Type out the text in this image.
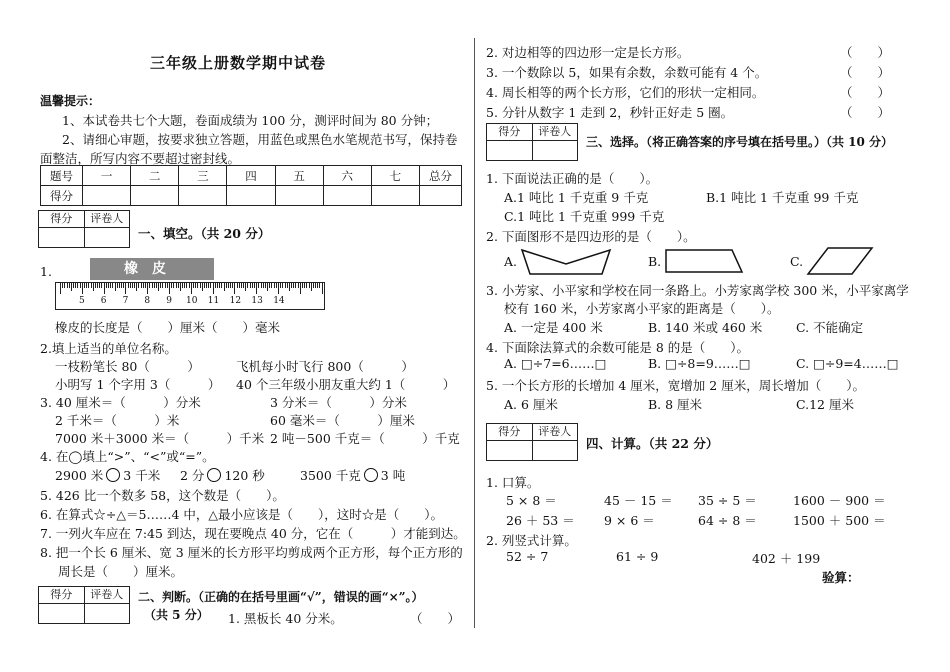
三年级上册数学期中试卷
温馨提示：
1、本试卷共七个大题，卷面成绩为 100 分，测评时间为 80 分钟；
2、请细心审题，按要求独立答题，用蓝色或黑色水笔规范书写，保持卷
面整洁，所写内容不要超过密封线。
题号	一	二	三	四	五	六	七	总分
得分								
得分	评卷人
一、填空。（共 20 分）
1.	橡皮
5 6 7 8 9 10 11 12 13 14
橡皮的长度是（　　）厘米（　　）毫米
2.填上适当的单位名称。
一枝粉笔长 80（　　　）	飞机每小时飞行 800（　　　）
小明写 1 个字用 3（　　　） 40 个三年级小朋友重大约 1（　　　）
3. 40 厘米＝（　　　）分米	3 分米＝（　　　）分米
2 千米＝（　　　）米	60 毫米＝（　　　）厘米
7000 米＋3000 米＝（　　　）千米 2 吨－500 千克＝（　　　）千克
4. 在◯填上“>”、“<”或“=”。
2900 米 3 千米 2 分 120 秒	3500 千克 3 吨
5. 426 比一个数多 58，这个数是（　　）。
6. 在算式☆÷△＝5……4 中，△最小应该是（　　），这时☆是（　　）。
7. 一列火车应在 7:45 到达，现在要晚点 40 分，它在（　　　）才能到达。
8. 把一个长 6 厘米、宽 3 厘米的长方形平均剪成两个正方形，每个正方形的
周长是（　　）厘米。
得分	评卷人	二、判断。（正确的在括号里画“√”，错误的画“×”。）
（共 5 分） 1. 黑板长 40 分米。	（　　）
2. 对边相等的四边形一定是长方形。	（　　）
3. 一个数除以 5，如果有余数，余数可能有 4 个。	（　　）
4. 周长相等的两个长方形，它们的形状一定相同。	（　　）
5. 分针从数字 1 走到 2，秒针正好走 5 圈。	（　　）
得分	评卷人
三、选择。（将正确答案的序号填在括号里。）（共 10 分）
1. 下面说法正确的是（　　）。
A.1 吨比 1 千克重 9 千克	B.1 吨比 1 千克重 99 千克
C.1 吨比 1 千克重 999 千克
2. 下面图形不是四边形的是（　　）。
A.	B.	C.
3. 小芳家、小平家和学校在同一条路上。小芳家离学校 300 米，小平家离学
校有 160 米，小芳家离小平家的距离是（　　）。
A. 一定是 400 米	B. 140 米或 460 米	C. 不能确定
4. 下面除法算式的余数可能是 8 的是（　　）。
A. □÷7=6……□	B. □÷8=9……□	C. □÷9=4……□
5. 一个长方形的长增加 4 厘米，宽增加 2 厘米，周长增加（　　）。
A. 6 厘米	B. 8 厘米	C.12 厘米
得分	评卷人
四、计算。（共 22 分）
1. 口算。
5 × 8 ＝	45 － 15 ＝ 35 ÷ 5 ＝	1600 － 900 ＝
26 ＋ 53 ＝ 9 × 6 ＝	64 ÷ 8 ＝	1500 ＋ 500 ＝
2. 列竖式计算。
52 ÷ 7	61 ÷ 9	402 ＋ 199
验算：
